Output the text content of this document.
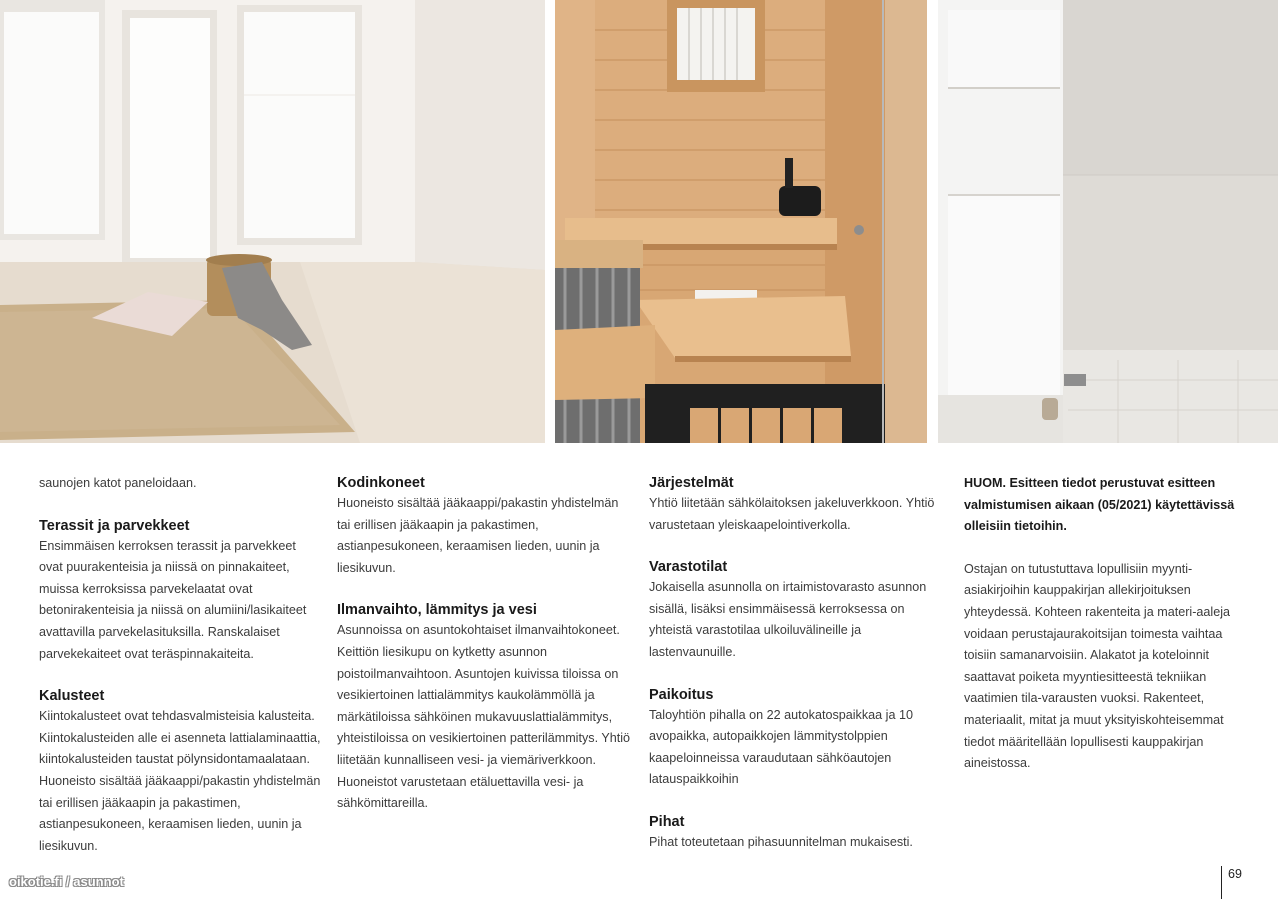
saunojen katot paneloidaan.

Terassit ja parvekkeet

Ensimmäisen kerroksen terassit ja parvekkeet ovat puurakenteisia ja niissä on pinnakaiteet, muissa kerroksissa parvekelaatat ovat betonirakenteisia ja niissä on alumiini/lasikaiteet avattavilla parvekelasituksilla. Ranskalaiset parvekekaiteet ovat teräspinnakaiteita.

Kalusteet

Kiintokalusteet ovat tehdasvalmisteisia kalusteita. Kiintokalusteiden alle ei asenneta lattialaminaattia, kiintokalusteiden taustat pölynsidontamaalataan. Huoneisto sisältää jääkaappi/pakastin yhdistelmän tai erillisen jääkaapin ja pakastimen, astianpesukoneen, keraamisen lieden, uunin ja liesikuvun.

Kodinkoneet

Huoneisto sisältää jääkaappi/pakastin yhdistelmän tai erillisen jääkaapin ja pakastimen, astianpesukoneen, keraamisen lieden, uunin ja liesikuvun.

Ilmanvaihto, lämmitys ja vesi

Asunnoissa on asuntokohtaiset ilmanvaihtokoneet. Keittiön liesikupu on kytketty asunnon poistoilmanvaihtoon. Asuntojen kuivissa tiloissa on vesikiertoinen lattialämmitys kaukolämmöllä ja märkätiloissa sähköinen mukavuuslattialämmitys, yhteistiloissa on vesikiertoinen patterilämmitys. Yhtiö liitetään kunnalliseen vesi- ja viemäriverkkoon. Huoneistot varustetaan etäluettavilla vesi- ja sähkömittareilla.

Järjestelmät

Yhtiö liitetään sähkölaitoksen jakeluverkkoon. Yhtiö varustetaan yleiskaapelointiverkolla.

Varastotilat

Jokaisella asunnolla on irtaimistovarasto asunnon sisällä, lisäksi ensimmäisessä kerroksessa on yhteistä varastotilaa ulkoiluvälineille ja lastenvaunuille.

Paikoitus

Taloyhtiön pihalla on 22 autokatospaikkaa ja 10 avopaikka, autopaikkojen lämmitystolppien kaapeloinneissa varaudutaan sähköautojen latauspaikkoihin

Pihat

Pihat toteutetaan pihasuunnitelman mukaisesti.

HUOM. Esitteen tiedot perustuvat esitteen valmistumisen aikaan (05/2021) käytettävissä olleisiin tietoihin.

Ostajan on tutustuttava lopullisiin myynti-asiakirjoihin kauppakirjan allekirjoituksen yhteydessä. Kohteen rakenteita ja materi-aaleja voidaan perustajaurakoitsijan toimesta vaihtaa toisiin samanarvoisiin. Alakatot ja koteloinnit saattavat poiketa myyntiesitteestä tekniikan vaatimien tila-varausten vuoksi. Rakenteet, materiaalit, mitat ja muut yksityiskohteisemmat tiedot määritellään lopullisesti kauppakirjan aineistossa.

oikotie.fi / asunnot	69
